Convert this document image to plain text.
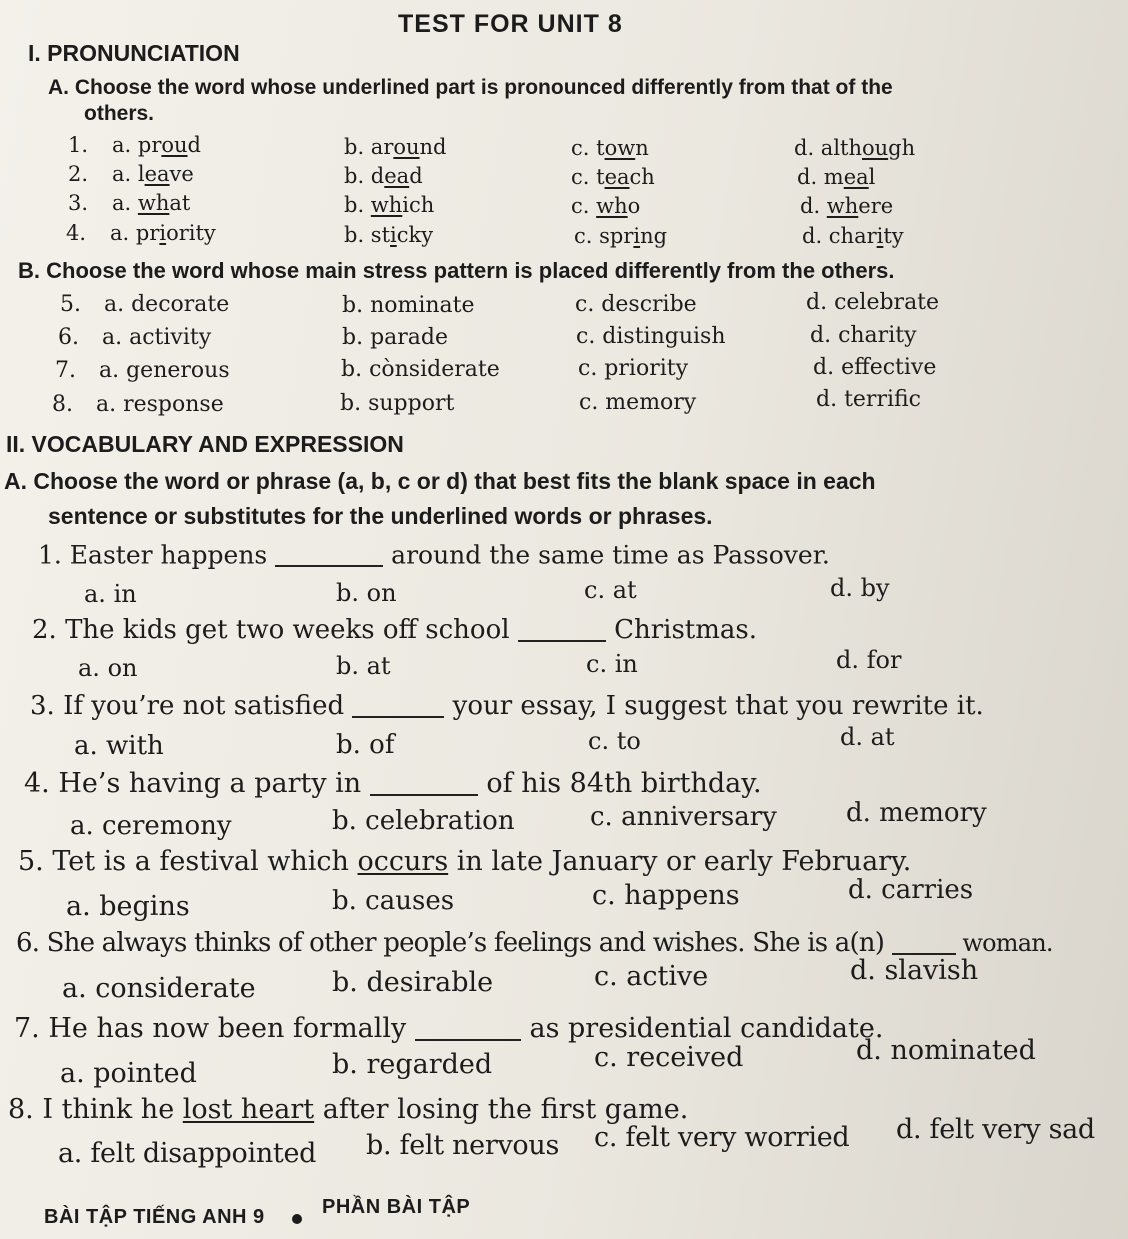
TEST FOR UNIT 8
I. PRONUNCIATION
A. Choose the word whose underlined part is pronounced differently from that of the
others.
1. a. proud	b. around	c. town	d. although
2. a. leave	b. dead	c. teach	d. meal
3. a. what	b. which	c. who	d. where
4. a. priority	b. sticky	c. spring	d. charity
B. Choose the word whose main stress pattern is placed differently from the others.
5. a. decorate	b. nominate	c. describe	d. celebrate
6. a. activity	b. parade	c. distinguish	d. charity
7. a. generous	b. cònsiderate	c. priority	d. effective
8. a. response	b. support	c. memory	d. terrific
II. VOCABULARY AND EXPRESSION
A. Choose the word or phrase (a, b, c or d) that best fits the blank space in each
sentence or substitutes for the underlined words or phrases.
1. Easter happens	around the same time as Passover.
a. in	b. on	c. at	d. by
2. The kids get two weeks off school	Christmas.
a. on	b. at	c. in	d. for
3. If you’re not satisfied	your essay, I suggest that you rewrite it.
a. with	b. of	c. to	d. at
4. He’s having a party in	of his 84th birthday.
a. ceremony	b. celebration	c. anniversary	d. memory
5. Tet is a festival which occurs in late January or early February.
a. begins	b. causes	c. happens	d. carries
6. She always thinks of other people’s feelings and wishes. She is a(n)	woman.
a. considerate	b. desirable	c. active	d. slavish
7. He has now been formally	as presidential candidate.
a. pointed	b. regarded	c. received	d. nominated
8. I think he lost heart after losing the first game.
a. felt disappointed b. felt nervous c. felt very worried d. felt very sad
BÀI TẬP TIẾNG ANH 9	PHẦN BÀI TẬP
